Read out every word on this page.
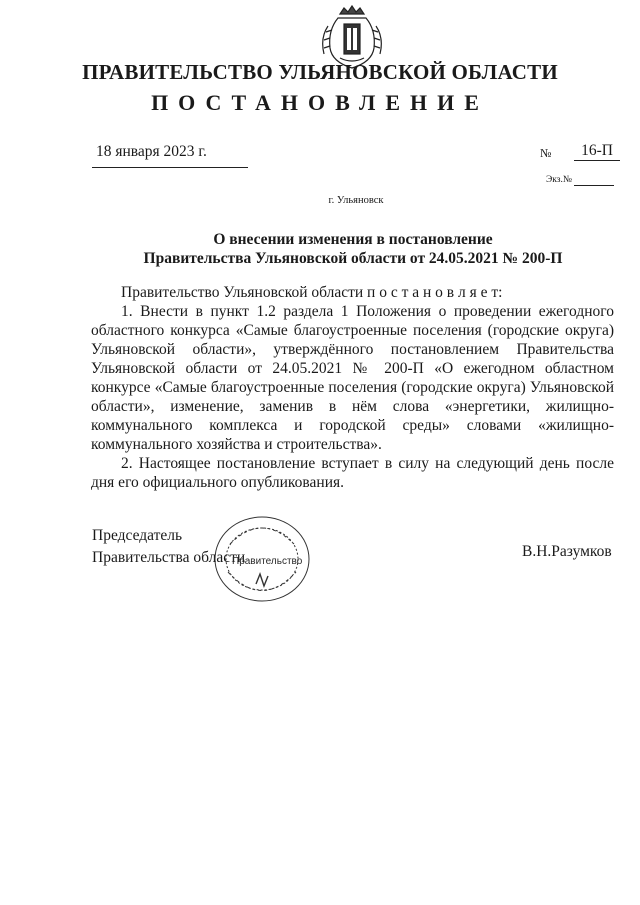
ПРАВИТЕЛЬСТВО УЛЬЯНОВСКОЙ ОБЛАСТИ
ПОСТАНОВЛЕНИЕ
18 января 2023 г.	№	16-П
Экз.№
г. Ульяновск
О внесении изменения в постановление
Правительства Ульяновской области от 24.05.2021 № 200-П

Правительство Ульяновской области п о с т а н о в л я е т:

1. Внести в пункт 1.2 раздела 1 Положения о проведении ежегодного областного конкурса «Самые благоустроенные поселения (городские округа) Ульяновской области», утверждённого постановлением Правительства Ульяновской области от 24.05.2021 № 200-П «О ежегодном областном конкурсе «Самые благоустроенные поселения (городские округа) Ульяновской области», изменение, заменив в нём слова «энергетики, жилищно-коммунального комплекса и городской среды» словами «жилищно-коммунального хозяйства и строительства».

2. Настоящее постановление вступает в силу на следующий день после дня его официального опубликования.

Председатель
Правительства области
Правительство
В.Н.Разумков
